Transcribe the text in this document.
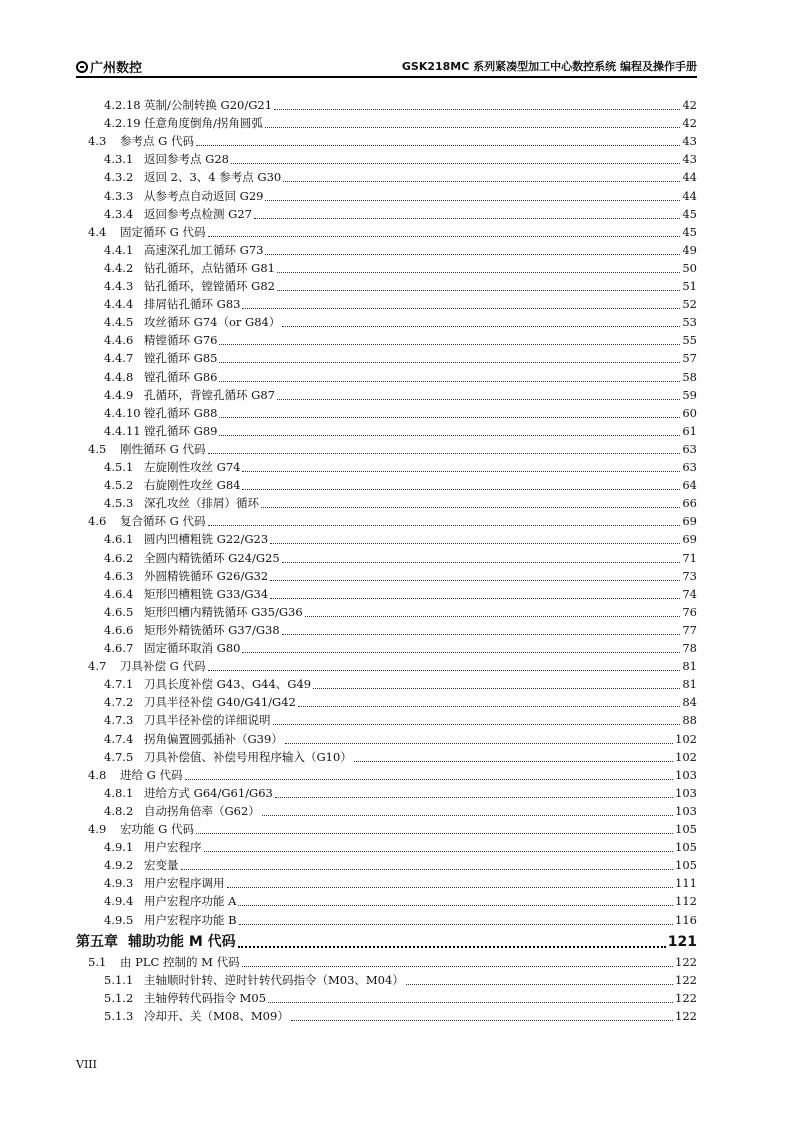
广州数控	GSK218MC 系列紧凑型加工中心数控系统 编程及操作手册
4.2.18 英制/公制转换 G20/G21	42
4.2.19 任意角度倒角/拐角圆弧	42
4.3	参考点 G 代码	43
4.3.1 返回参考点 G28	43
4.3.2 返回 2、3、4 参考点 G30	44
4.3.3 从参考点自动返回 G29	44
4.3.4 返回参考点检测 G27	45
4.4	固定循环 G 代码	45
4.4.1 高速深孔加工循环 G73	49
4.4.2 钻孔循环，点钻循环 G81	50
4.4.3 钻孔循环，镗镗循环 G82	51
4.4.4 排屑钻孔循环 G83	52
4.4.5 攻丝循环 G74（or G84）	53
4.4.6 精镗循环 G76	55
4.4.7 镗孔循环 G85	57
4.4.8 镗孔循环 G86	58
4.4.9 孔循环，背镗孔循环 G87	59
4.4.10 镗孔循环 G88	60
4.4.11 镗孔循环 G89	61
4.5	刚性循环 G 代码	63
4.5.1 左旋刚性攻丝 G74	63
4.5.2 右旋刚性攻丝 G84	64
4.5.3 深孔攻丝（排屑）循环	66
4.6	复合循环 G 代码	69
4.6.1 圆内凹槽粗铣 G22/G23	69
4.6.2 全圆内精铣循环 G24/G25	71
4.6.3 外圆精铣循环 G26/G32	73
4.6.4 矩形凹槽粗铣 G33/G34	74
4.6.5 矩形凹槽内精铣循环 G35/G36	76
4.6.6 矩形外精铣循环 G37/G38	77
4.6.7 固定循环取消 G80	78
4.7	刀具补偿 G 代码	81
4.7.1 刀具长度补偿 G43、G44、G49	81
4.7.2 刀具半径补偿 G40/G41/G42	84
4.7.3 刀具半径补偿的详细说明	88
4.7.4 拐角偏置圆弧插补（G39）	102
4.7.5 刀具补偿值、补偿号用程序输入（G10）	102
4.8	进给 G 代码	103
4.8.1 进给方式 G64/G61/G63	103
4.8.2 自动拐角倍率（G62）	103
4.9	宏功能 G 代码	105
4.9.1 用户宏程序	105
4.9.2 宏变量	105
4.9.3 用户宏程序调用	111
4.9.4 用户宏程序功能 A	112
4.9.5 用户宏程序功能 B	116
第五章 辅助功能 M 代码	121
5.1	由 PLC 控制的 M 代码	122
5.1.1 主轴顺时针转、逆时针转代码指令（M03、M04）	122
5.1.2 主轴停转代码指令 M05	122
5.1.3 冷却开、关（M08、M09）	122
VIII
